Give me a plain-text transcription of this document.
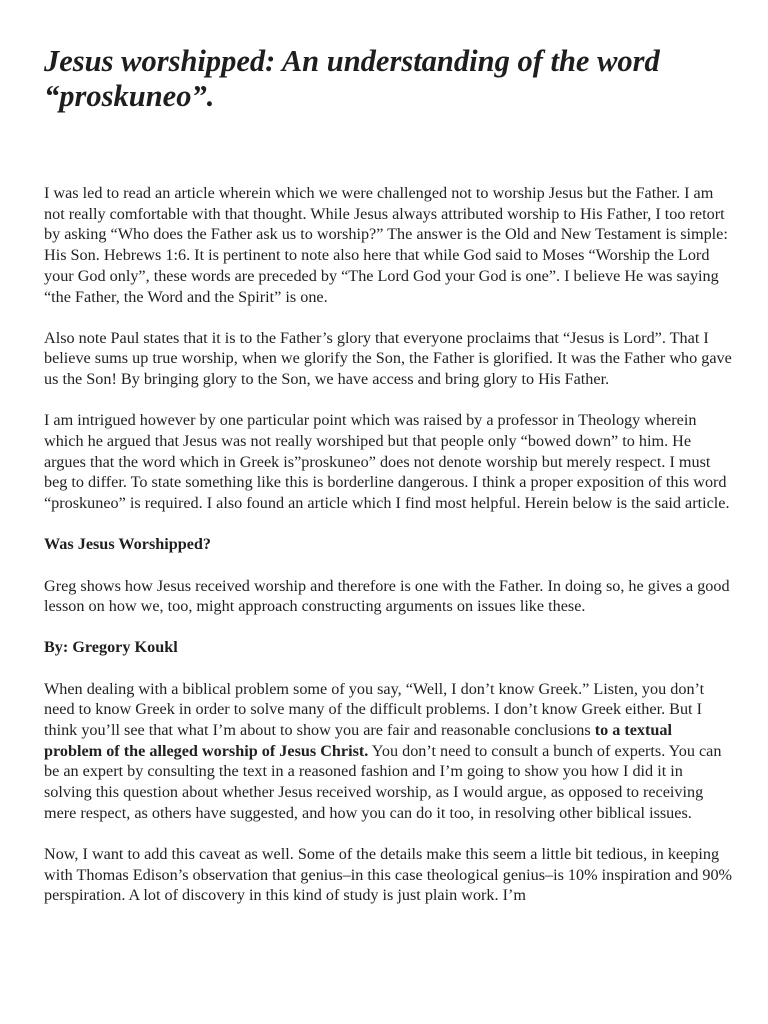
Jesus worshipped: An understanding of the word “proskuneo”.

I was led to read an article wherein which we were challenged not to worship Jesus but the Father. I am not really comfortable with that thought. While Jesus always attributed worship to His Father, I too retort by asking “Who does the Father ask us to worship?” The answer is the Old and New Testament is simple: His Son. Hebrews 1:6. It is pertinent to note also here that while God said to Moses “Worship the Lord your God only”, these words are preceded by “The Lord God your God is one”. I believe He was saying “the Father, the Word and the Spirit” is one.

Also note Paul states that it is to the Father’s glory that everyone proclaims that “Jesus is Lord”. That I believe sums up true worship, when we glorify the Son, the Father is glorified. It was the Father who gave us the Son! By bringing glory to the Son, we have access and bring glory to His Father.

I am intrigued however by one particular point which was raised by a professor in Theology wherein which he argued that Jesus was not really worshiped but that people only “bowed down” to him. He argues that the word which in Greek is”proskuneo” does not denote worship but merely respect. I must beg to differ. To state something like this is borderline dangerous. I think a proper exposition of this word “proskuneo” is required. I also found an article which I find most helpful. Herein below is the said article.

Was Jesus Worshipped?

Greg shows how Jesus received worship and therefore is one with the Father. In doing so, he gives a good lesson on how we, too, might approach constructing arguments on issues like these.

By: Gregory Koukl

When dealing with a biblical problem some of you say, “Well, I don’t know Greek.” Listen, you don’t need to know Greek in order to solve many of the difficult problems. I don’t know Greek either. But I think you’ll see that what I’m about to show you are fair and reasonable conclusions to a textual problem of the alleged worship of Jesus Christ. You don’t need to consult a bunch of experts. You can be an expert by consulting the text in a reasoned fashion and I’m going to show you how I did it in solving this question about whether Jesus received worship, as I would argue, as opposed to receiving mere respect, as others have suggested, and how you can do it too, in resolving other biblical issues.

Now, I want to add this caveat as well. Some of the details make this seem a little bit tedious, in keeping with Thomas Edison’s observation that genius–in this case theological genius–is 10% inspiration and 90% perspiration. A lot of discovery in this kind of study is just plain work. I’m
